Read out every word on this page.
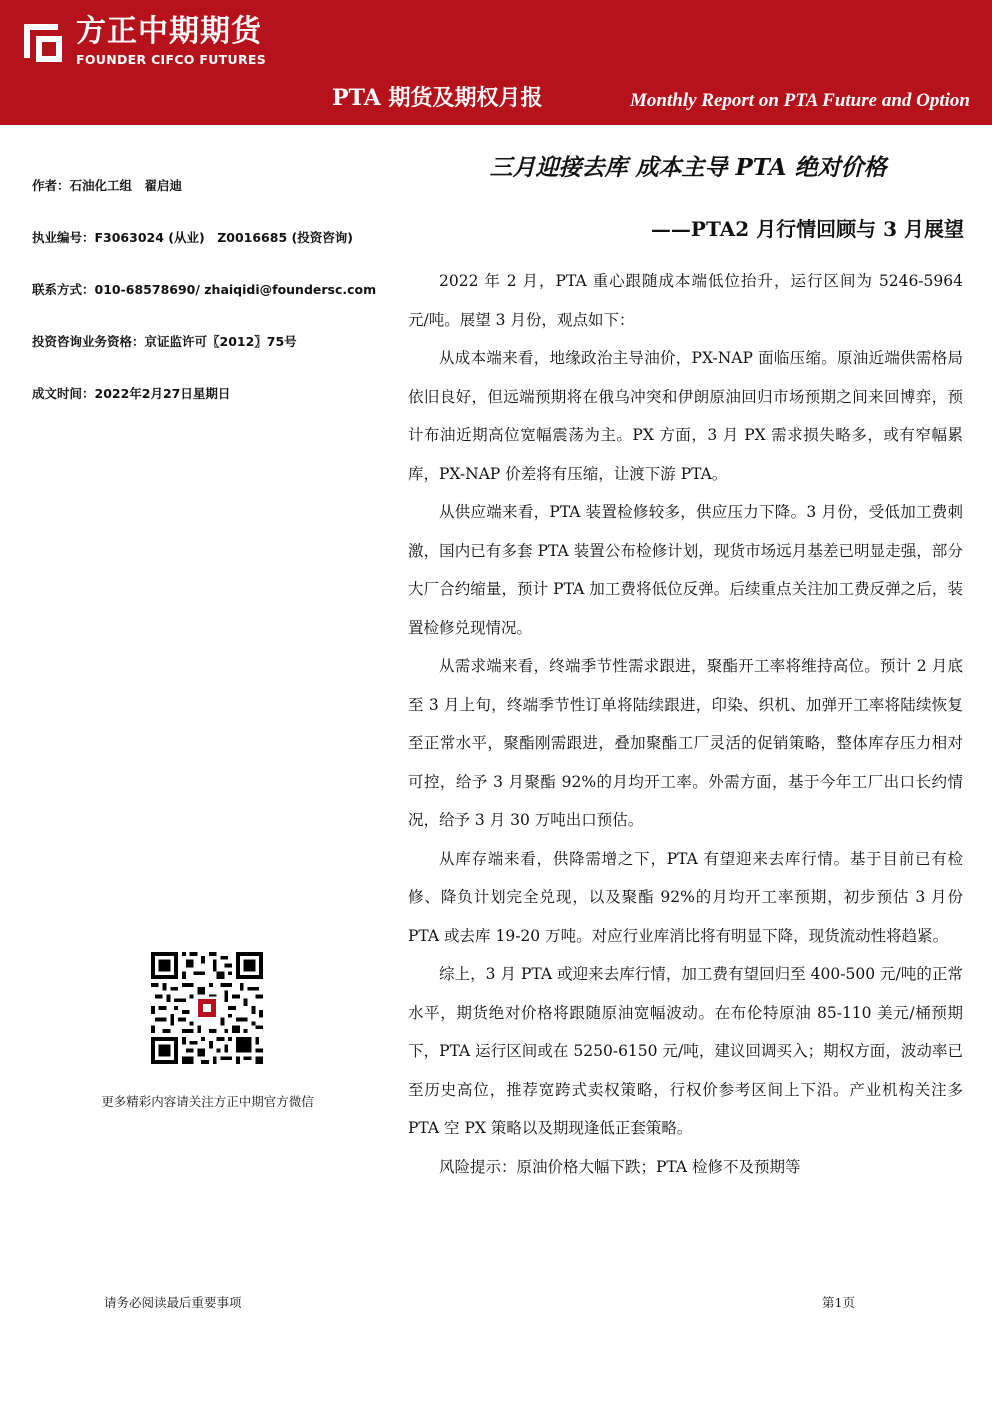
方正中期期货
FOUNDER CIFCO FUTURES
PTA 期货及期权月报	Monthly Report on PTA Future and Option
作者：石油化工组　翟启迪
执业编号：F3063024 (从业)　Z0016685 (投资咨询)
联系方式：010-68578690/ zhaiqidi@foundersc.com
投资咨询业务资格：京证监许可〖2012〗75号
成文时间：2022年2月27日星期日
更多精彩内容请关注方正中期官方微信
三月迎接去库 成本主导 PTA 绝对价格
——PTA2 月行情回顾与 3 月展望

2022 年 2 月，PTA 重心跟随成本端低位抬升，运行区间为 5246-5964 元/吨。展望 3 月份，观点如下：

从成本端来看，地缘政治主导油价，PX-NAP 面临压缩。原油近端供需格局依旧良好，但远端预期将在俄乌冲突和伊朗原油回归市场预期之间来回博弈，预计布油近期高位宽幅震荡为主。PX 方面，3 月 PX 需求损失略多，或有窄幅累库，PX-NAP 价差将有压缩，让渡下游 PTA。

从供应端来看，PTA 装置检修较多，供应压力下降。3 月份，受低加工费刺激，国内已有多套 PTA 装置公布检修计划，现货市场远月基差已明显走强，部分大厂合约缩量，预计 PTA 加工费将低位反弹。后续重点关注加工费反弹之后，装置检修兑现情况。

从需求端来看，终端季节性需求跟进，聚酯开工率将维持高位。预计 2 月底至 3 月上旬，终端季节性订单将陆续跟进，印染、织机、加弹开工率将陆续恢复至正常水平，聚酯刚需跟进，叠加聚酯工厂灵活的促销策略，整体库存压力相对可控，给予 3 月聚酯 92%的月均开工率。外需方面，基于今年工厂出口长约情况，给予 3 月 30 万吨出口预估。

从库存端来看，供降需增之下，PTA 有望迎来去库行情。基于目前已有检修、降负计划完全兑现，以及聚酯 92%的月均开工率预期，初步预估 3 月份 PTA 或去库 19-20 万吨。对应行业库消比将有明显下降，现货流动性将趋紧。

综上，3 月 PTA 或迎来去库行情，加工费有望回归至 400-500 元/吨的正常水平，期货绝对价格将跟随原油宽幅波动。在布伦特原油 85-110 美元/桶预期下，PTA 运行区间或在 5250-6150 元/吨，建议回调买入；期权方面，波动率已至历史高位，推荐宽跨式卖权策略，行权价参考区间上下沿。产业机构关注多 PTA 空 PX 策略以及期现逢低正套策略。

风险提示：原油价格大幅下跌；PTA 检修不及预期等

请务必阅读最后重要事项	第1页
